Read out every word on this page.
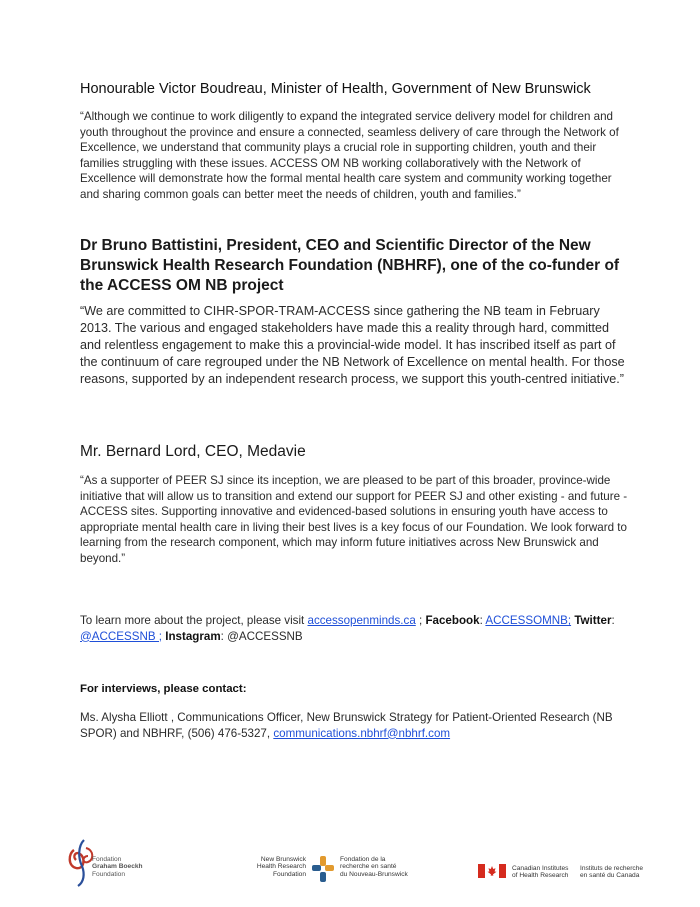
Honourable Victor Boudreau, Minister of Health, Government of New Brunswick

“Although we continue to work diligently to expand the integrated service delivery model for children and youth throughout the province and ensure a connected, seamless delivery of care through the Network of Excellence, we understand that community plays a crucial role in supporting children, youth and their families struggling with these issues. ACCESS OM NB working collaboratively with the Network of Excellence will demonstrate how the formal mental health care system and community working together and sharing common goals can better meet the needs of children, youth and families.”

Dr Bruno Battistini, President, CEO and Scientific Director of the New Brunswick Health Research Foundation (NBHRF), one of the co-funder of the ACCESS OM NB project

“We are committed to CIHR-SPOR-TRAM-ACCESS since gathering the NB team in February 2013. The various and engaged stakeholders have made this a reality through hard, committed and relentless engagement to make this a provincial-wide model. It has inscribed itself as part of the continuum of care regrouped under the NB Network of Excellence on mental health. For those reasons, supported by an independent research process, we support this youth-centred initiative.”

Mr. Bernard Lord, CEO, Medavie

“As a supporter of PEER SJ since its inception, we are pleased to be part of this broader, province-wide initiative that will allow us to transition and extend our support for PEER SJ and other existing - and future - ACCESS sites. Supporting innovative and evidenced-based solutions in ensuring youth have access to appropriate mental health care in living their best lives is a key focus of our Foundation. We look forward to learning from the research component, which may inform future initiatives across New Brunswick and beyond.”

To learn more about the project, please visit accessopenminds.ca ; Facebook: ACCESSOMNB; Twitter: @ACCESSNB ; Instagram: @ACCESSNB
For interviews, please contact:
Ms. Alysha Elliott , Communications Officer, New Brunswick Strategy for Patient-Oriented Research (NB SPOR) and NBHRF, (506) 476-5327, communications.nbhrf@nbhrf.com
Fondation
Graham Boeckh
Foundation
New Brunswick
Health Research
Foundation
Fondation de la
recherche en santé
du Nouveau-Brunswick
Canadian Institutes
of Health Research
Instituts de recherche
en santé du Canada
